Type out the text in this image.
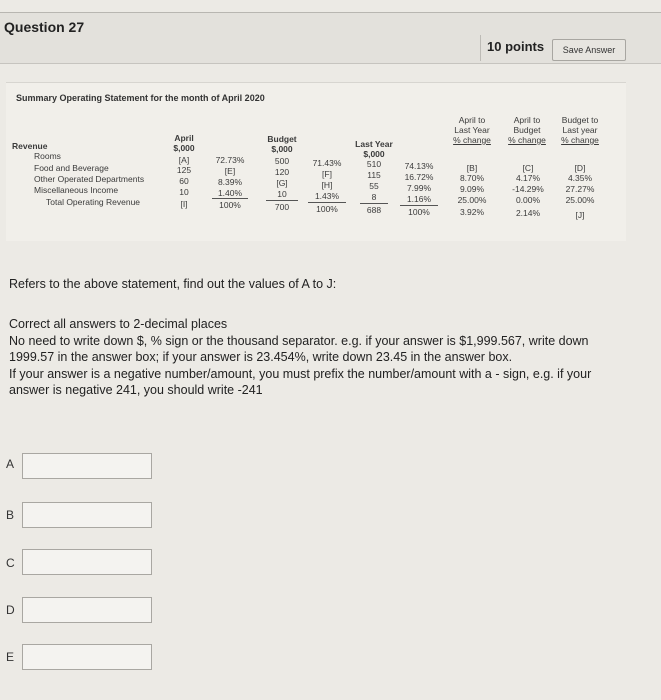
Question 27
10 points	Save Answer
Summary Operating Statement for the month of April 2020
April
$,000
Budget
$,000	Last Year
$,000
April to
Last Year
% change
April to
Budget
% change
Budget to
Last year
% change
Revenue
Rooms	[A]	72.73%	500	71.43%	510	74.13%	[B]	[C]	[D]
Food and Beverage	125	[E]	120	[F]	115	16.72%	8.70%	4.17%	4.35%
Other Operated Departments	60	8.39%	[G]	[H]	55	7.99%	9.09%	-14.29%	27.27%
Miscellaneous Income	10	1.40%	10	1.43%	8	1.16%	25.00%	0.00%	25.00%
Total Operating Revenue	[I]	100%	700	100%	688	100%	3.92%	2.14%	[J]
Refers to the above statement, find out the values of A to J:

Correct all answers to 2-decimal places

No need to write down $, % sign or the thousand separator. e.g. if your answer is $1,999.567, write down 1999.57 in the answer box; if your answer is 23.454%, write down 23.45 in the answer box.

If your answer is a negative number/amount, you must prefix the number/amount with a - sign, e.g. if your answer is negative 241, you should write -241

A
B
C
D
E
